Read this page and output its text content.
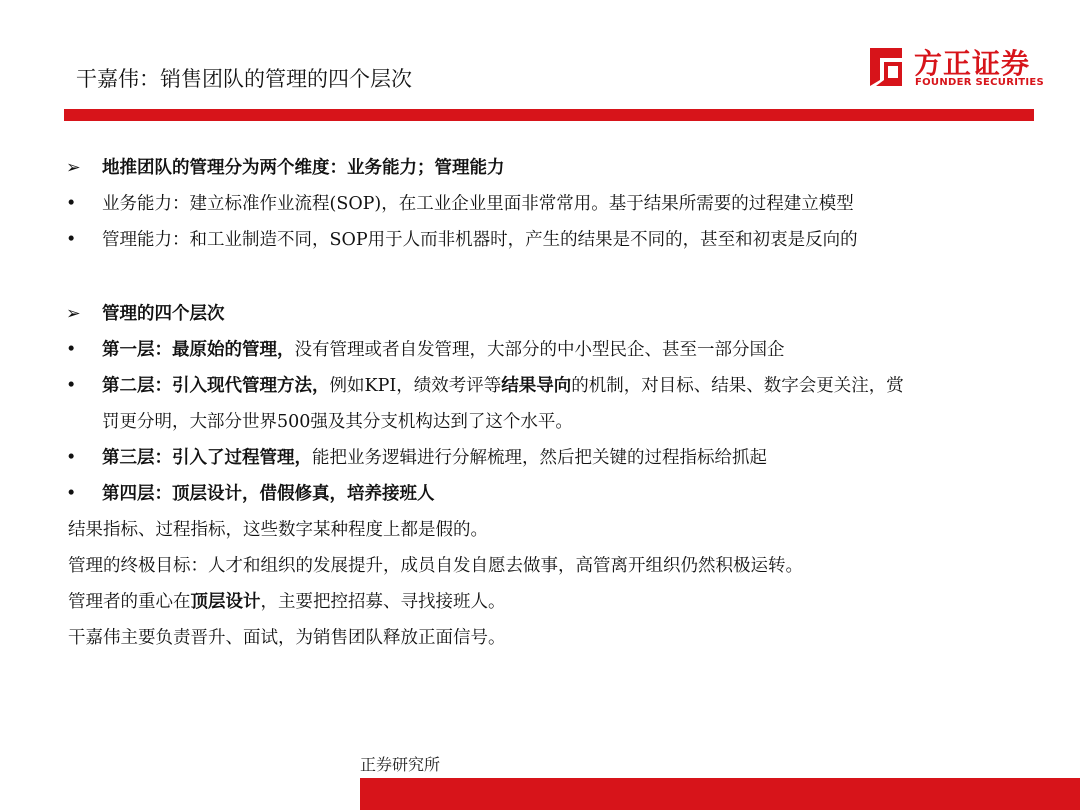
干嘉伟：销售团队的管理的四个层次	方正证券
FOUNDER SECURITIES
➢ 地推团队的管理分为两个维度：业务能力；管理能力
• 业务能力：建立标准作业流程(SOP)，在工业企业里面非常常用。基于结果所需要的过程建立模型
• 管理能力：和工业制造不同，SOP用于人而非机器时，产生的结果是不同的，甚至和初衷是反向的
➢ 管理的四个层次
• 第一层：最原始的管理，没有管理或者自发管理，大部分的中小型民企、甚至一部分国企
• 第二层：引入现代管理方法，例如KPI，绩效考评等结果导向的机制，对目标、结果、数字会更关注，赏
罚更分明，大部分世界500强及其分支机构达到了这个水平。
• 第三层：引入了过程管理，能把业务逻辑进行分解梳理，然后把关键的过程指标给抓起
• 第四层：顶层设计，借假修真，培养接班人
结果指标、过程指标，这些数字某种程度上都是假的。
管理的终极目标：人才和组织的发展提升，成员自发自愿去做事，高管离开组织仍然积极运转。
管理者的重心在顶层设计，主要把控招募、寻找接班人。
干嘉伟主要负责晋升、面试，为销售团队释放正面信号。
正券研究所
